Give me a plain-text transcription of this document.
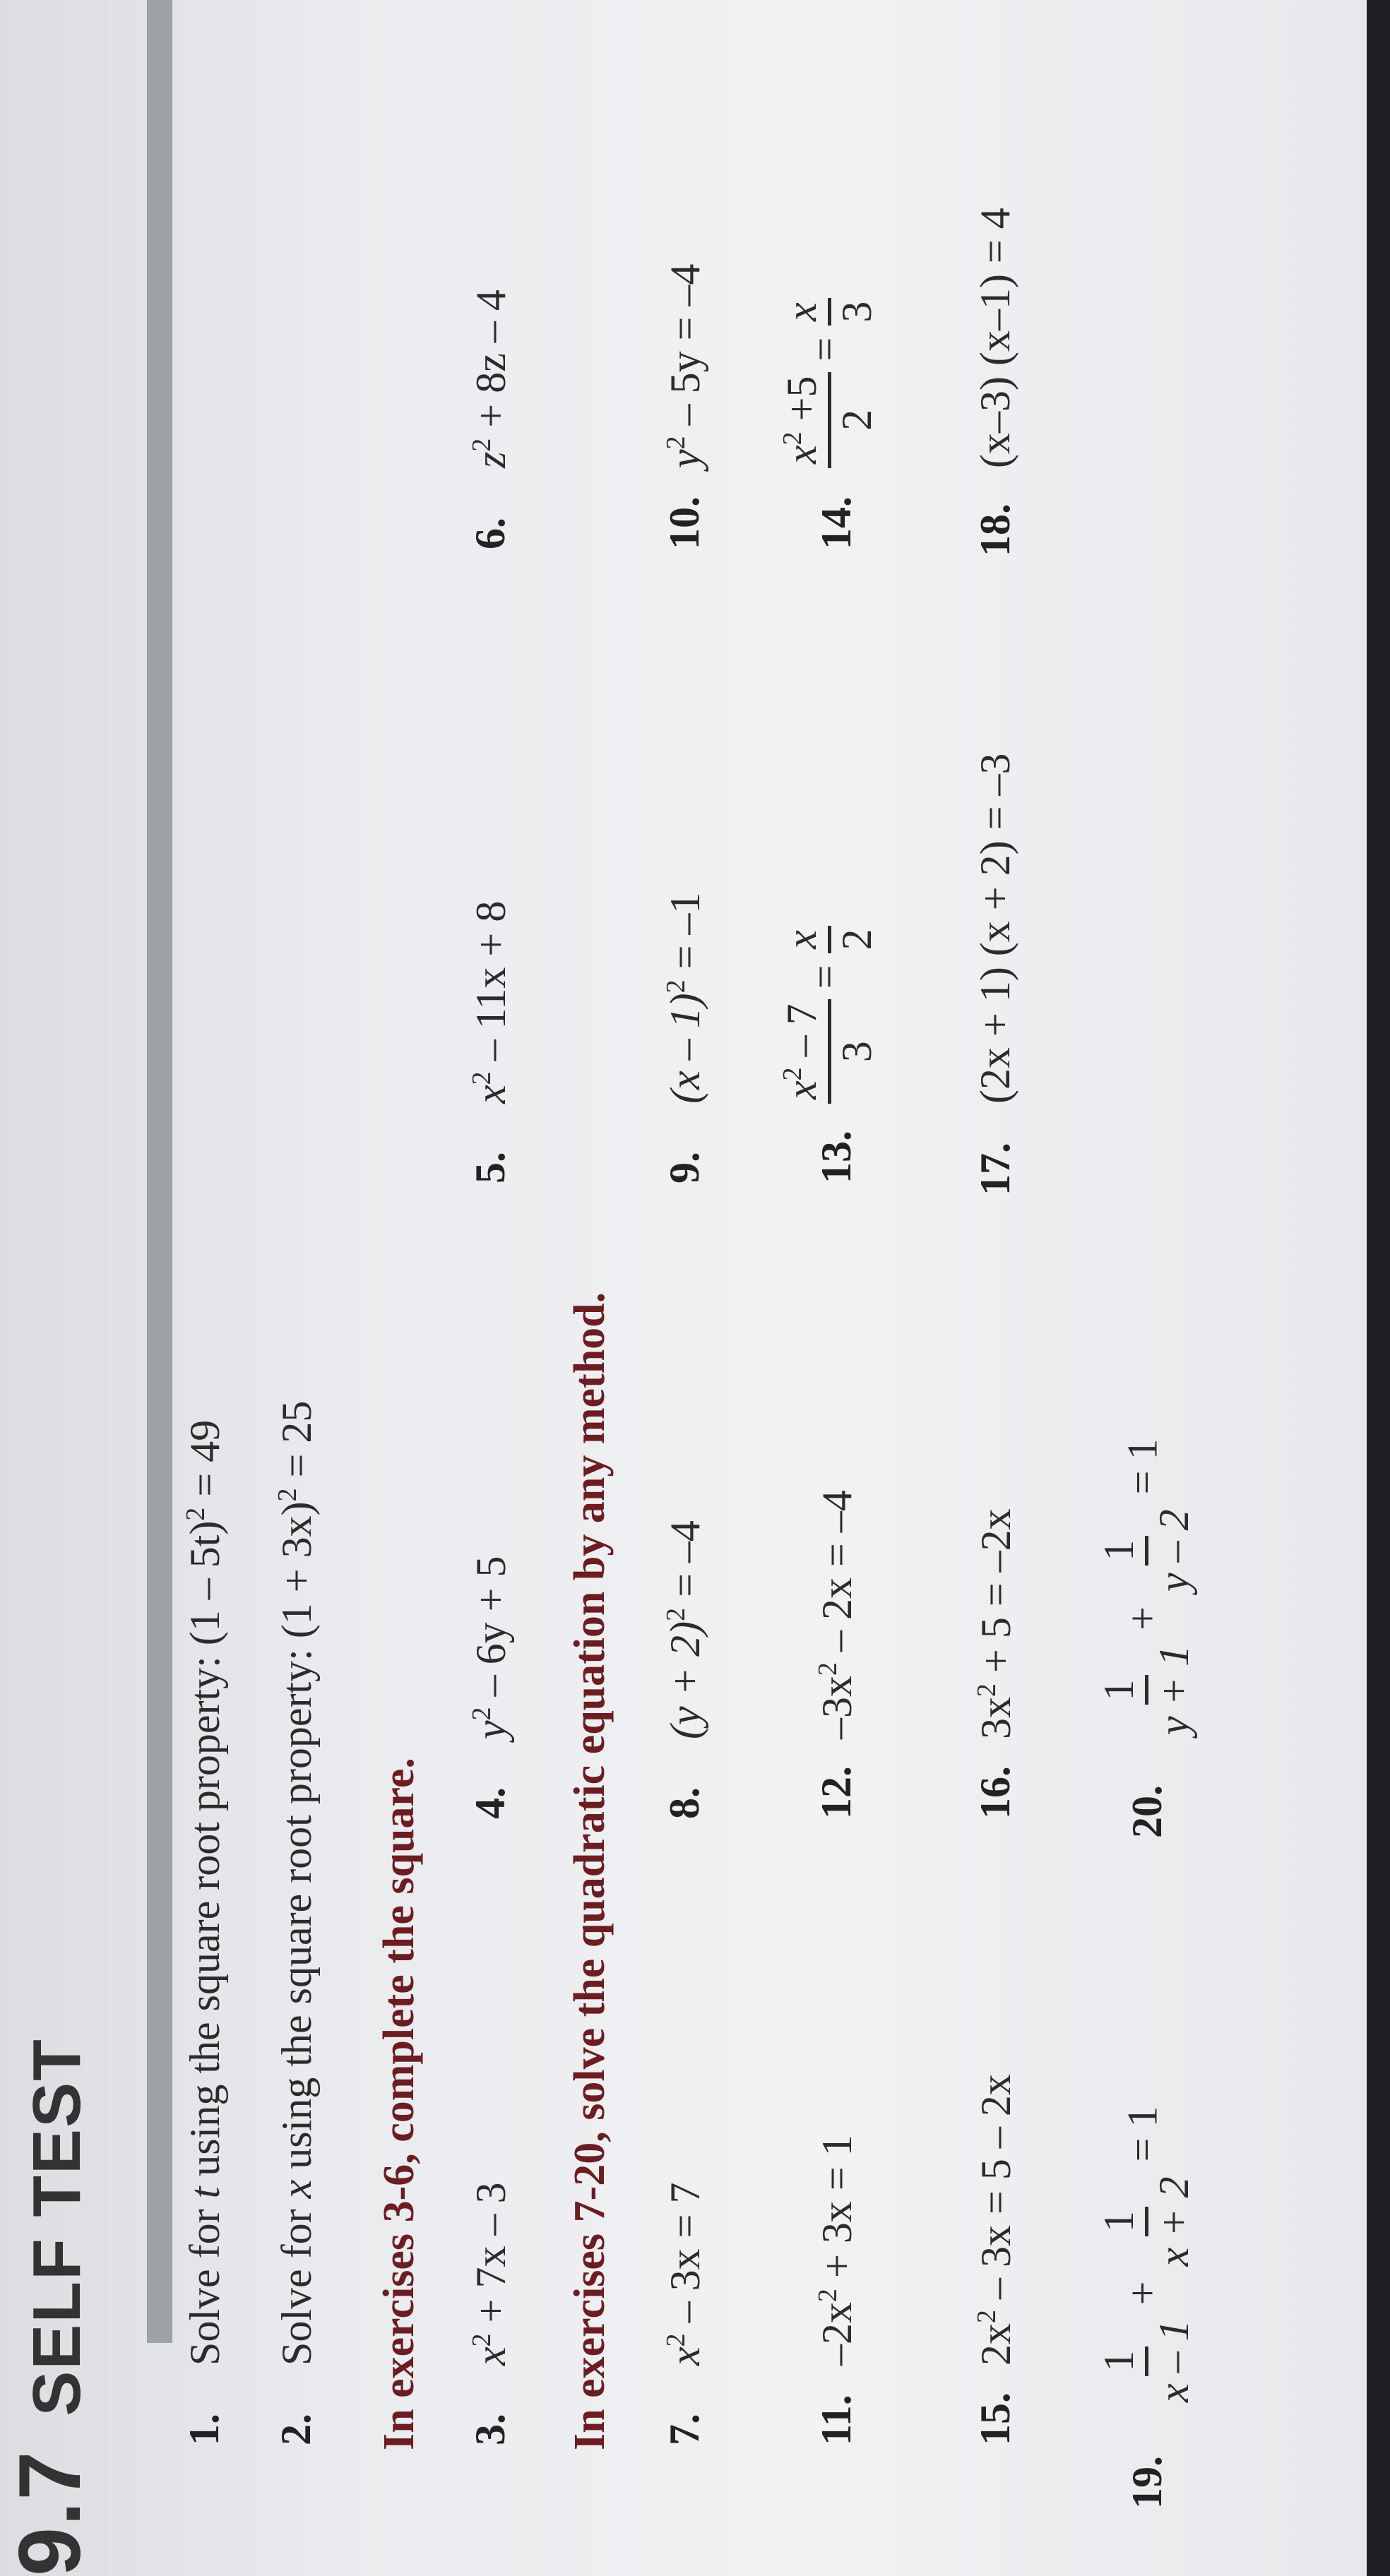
9.7SELF TEST
1.
Solve for t using the square root property: (1 – 5t)$^2$ = 49
2.
Solve for x using the square root property: $(1 + 3x)^2 = 25$
In exercises 3-6, complete the square. 3.
$x^2 + 7x - 3$
4.
$y^2 - 6y + 5$
5.
$x^2 - 11x + 8$
6.
$z^2 + 8z - 4$
In exercises 7-20, solve the quadratic equation by any method. 7.
$x^2 - 3x = 7$
8.
$(y + 2)^2 = -4$
9.
(x – 1)$^2$ = –1
10.
$y^2 - 5y = -4$
11.
$-2x^2 + 3x = 1$
12.
$-3x^2 - 2x = -4$
13.
$x^2 - 7$ 3
=
x 2
14.
$x^2 +5$ 2
=
x 3
15.
$2x^2 - 3x = 5 - 2x$
16.
$3x^2 + 5 = -2x$
17.
(2x + 1) (x + 2) = –3
18.
(x–3) (x–1) = 4
19.
1 x – 1
+
1 x + 2
= 1
20.
1 y + 1
+
1 y – 2
= 1
